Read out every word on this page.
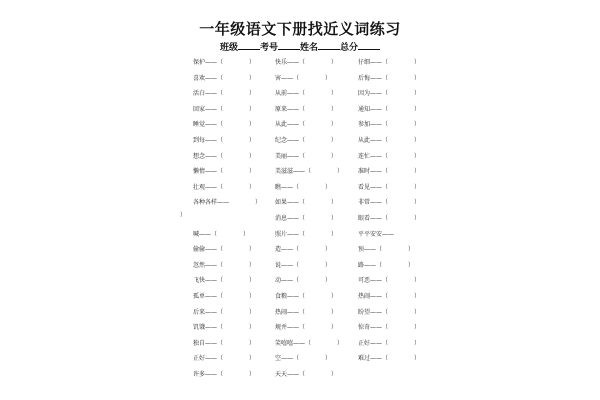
一年级语文下册找近义词练习
班级 考号 姓名 总分
）
保护——（	）
喜欢——（	）
活白——（	）
回家——（	）
睡觉——（	）
到每——（	）
想念——（	）
懒惰——（	）
壮观——（	）
各种各样——	）
喊——（	）
偷偷——（	）
忽然——（	）
飞快——（	）
孤单——（	）
后来——（	）
饥饿——（	）
独自——（	）
正好——（	）
许多——（	）
快乐——（	）
害——（	）
从前——（	）
原来——（	）
从此——（	）
纪念——（	）
美丽——（	）
美滋滋——（	）
瞧——（	）
如果——（	）
消息——（	）
照片——（	）
造——（	）
说——（	）
动——（	）
食粮——（	）
热闹——（	）
规并——（	）
笑嘻嘻——（	）
空——（	）
天天——（	）
仔细——（	）
后悔——（	）
因为——（	）
通知——（	）
参加——（	）
从此——（	）
连忙——（	）
准时——（	）
看见——（	）
非常——（	）
眼看——（	）
平平安安——
预——（	）
路——（	）
可恶——（	）
热闹——（	）
盼望——（	）
惊奇——（	）
正好——（	）
难过——（	）
